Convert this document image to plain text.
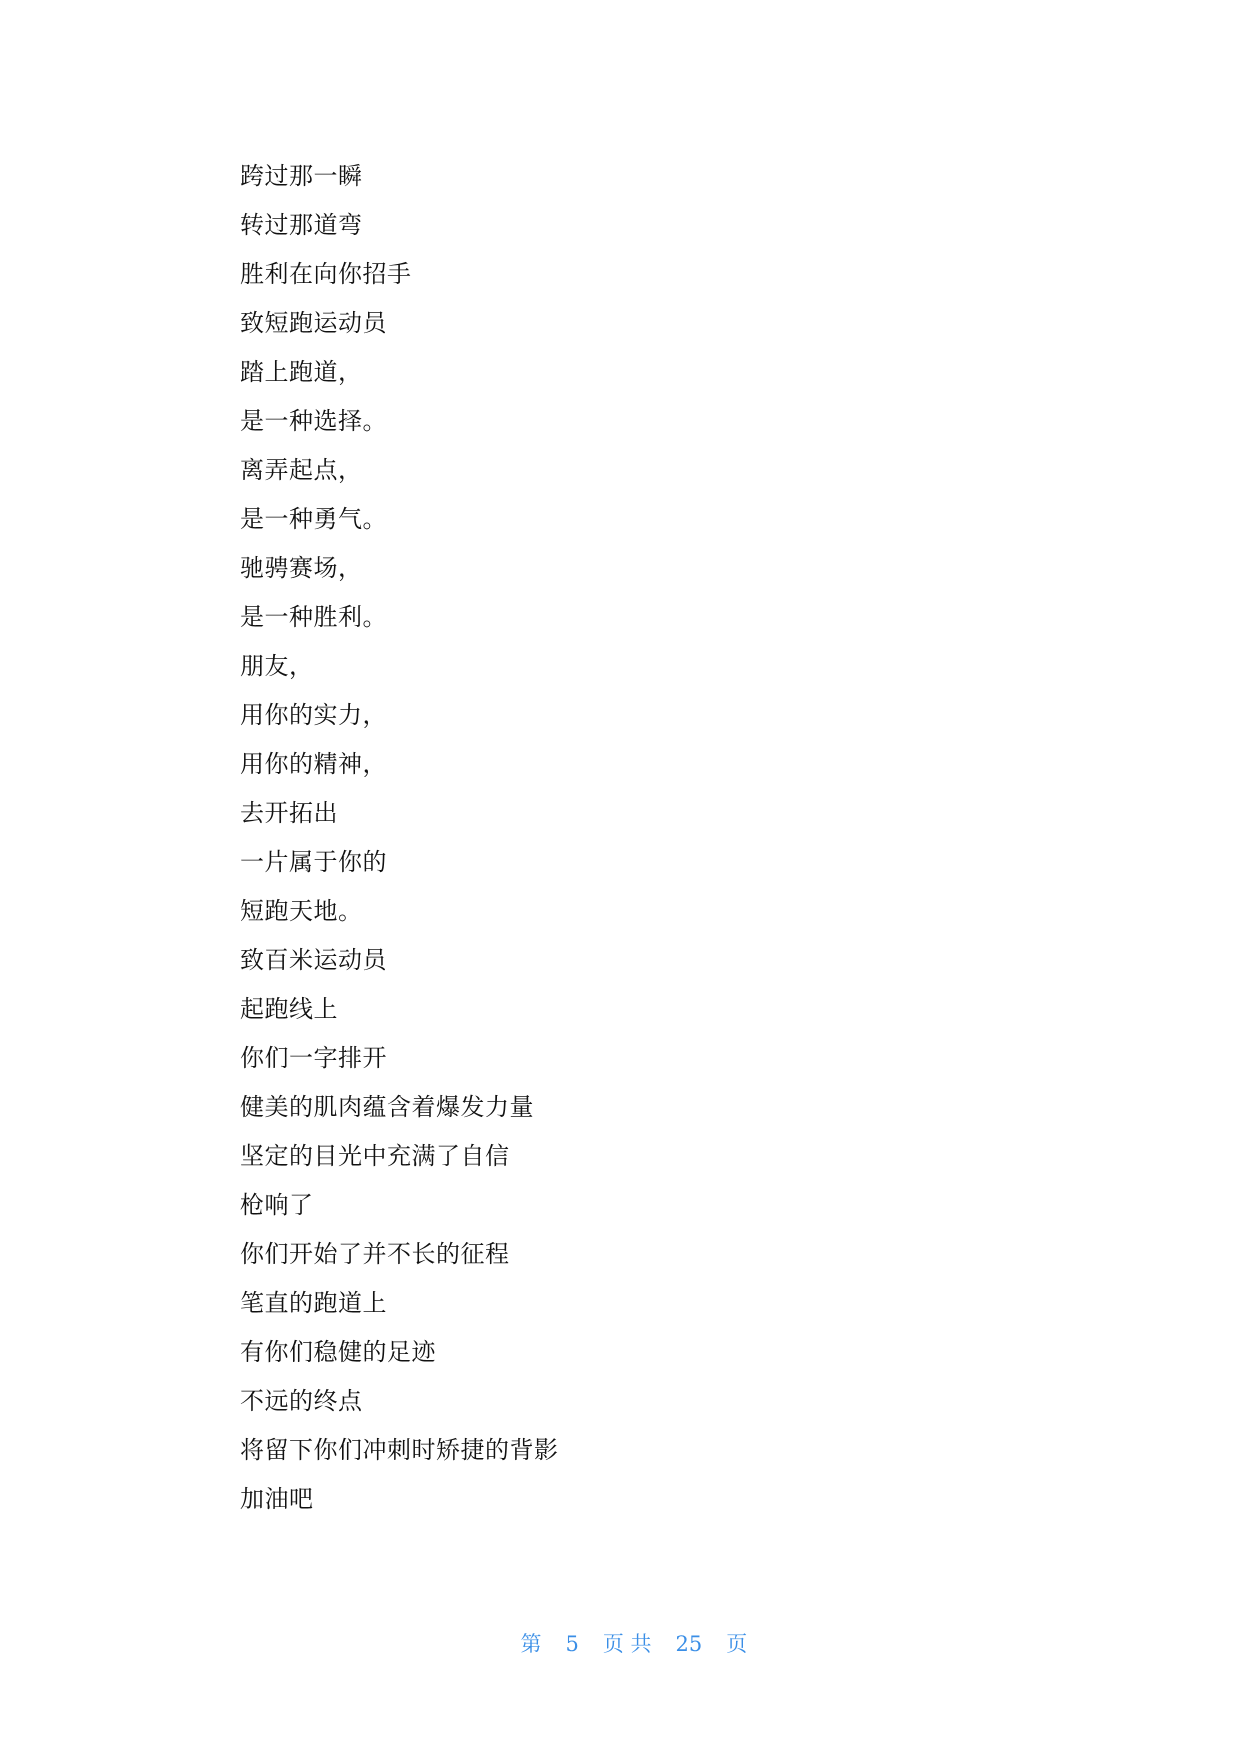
跨过那一瞬
转过那道弯
胜利在向你招手
致短跑运动员
踏上跑道，
是一种选择。
离弄起点，
是一种勇气。
驰骋赛场，
是一种胜利。
朋友，
用你的实力，
用你的精神，
去开拓出
一片属于你的
短跑天地。
致百米运动员
起跑线上
你们一字排开
健美的肌肉蕴含着爆发力量
坚定的目光中充满了自信
枪响了
你们开始了并不长的征程
笔直的跑道上
有你们稳健的足迹
不远的终点
将留下你们冲刺时矫捷的背影
加油吧

第 5 页 共 25 页
